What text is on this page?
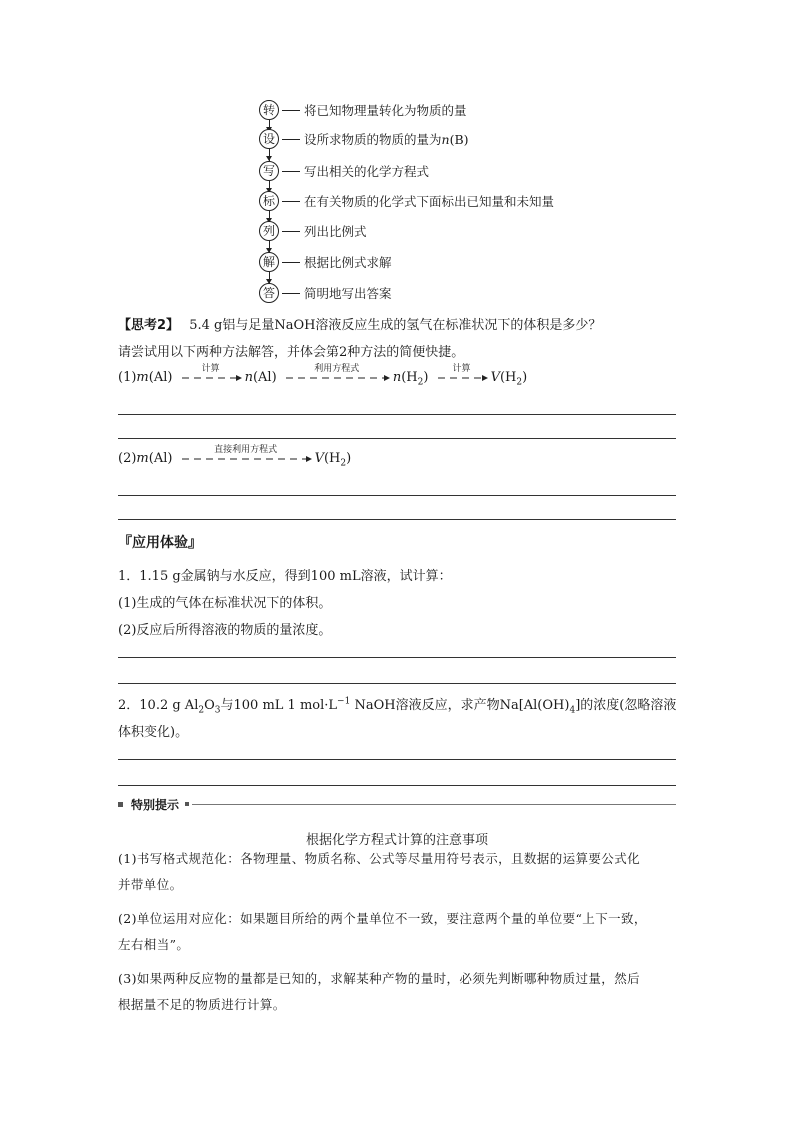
转	将已知物理量转化为物质的量
设	设所求物质的物质的量为n(B)
写	写出相关的化学方程式
标	在有关物质的化学式下面标出已知量和未知量
列	列出比例式
解	根据比例式求解
答	简明地写出答案
【思考2】 5.4 g铝与足量NaOH溶液反应生成的氢气在标准状况下的体积是多少？
请尝试用以下两种方法解答，并体会第2种方法的简便快捷。
(1)m(Al)
计算
n(Al)
利用方程式
$n(H_2)$
计算
$V(H_2)$
(2)m(Al)
直接利用方程式
$V(H_2)$
『应用体验』
1．1.15 g金属钠与水反应，得到100 mL溶液，试计算：
(1)生成的气体在标准状况下的体积。
(2)反应后所得溶液的物质的量浓度。
2．10.2 g $Al_2O_3$与100 mL 1 $mol\cdot L^{-1}$ NaOH溶液反应，求产物$Na[Al(OH)_4]$的浓度(忽略溶液
体积变化)。
特别提示
根据化学方程式计算的注意事项
(1)书写格式规范化：各物理量、物质名称、公式等尽量用符号表示，且数据的运算要公式化
并带单位。
(2)单位运用对应化：如果题目所给的两个量单位不一致，要注意两个量的单位要“上下一致，
左右相当”。
(3)如果两种反应物的量都是已知的，求解某种产物的量时，必须先判断哪种物质过量，然后
根据量不足的物质进行计算。
